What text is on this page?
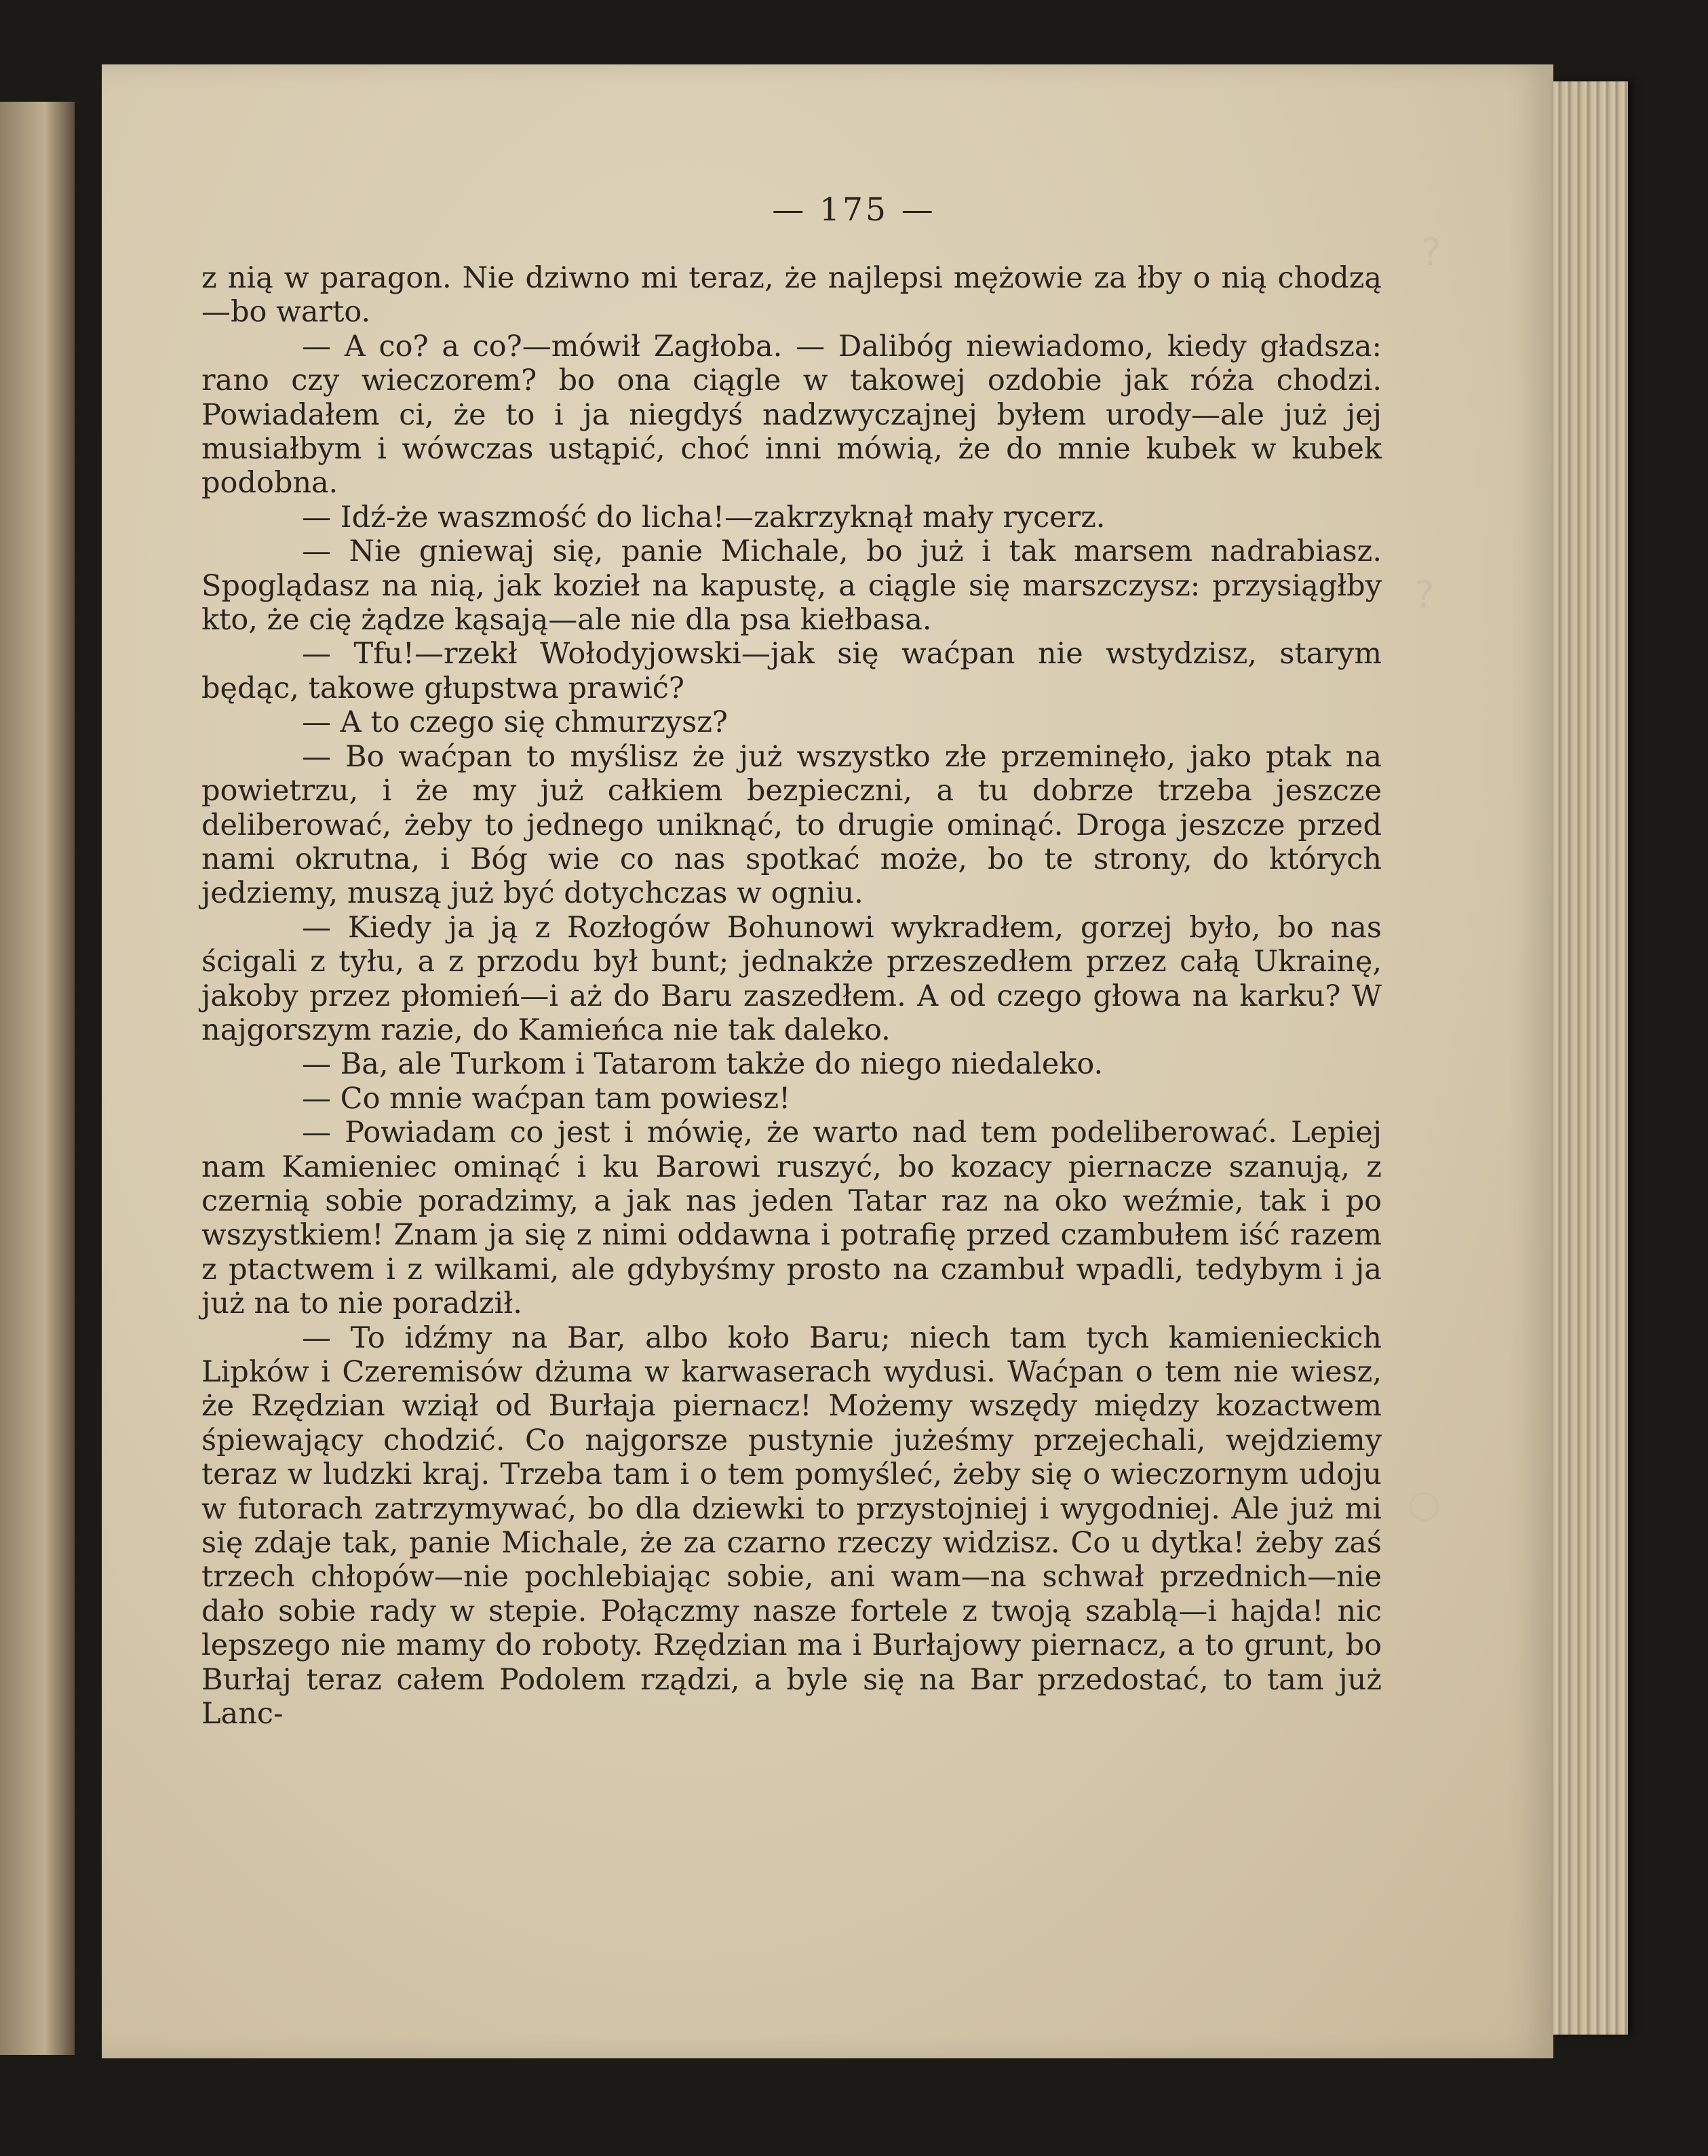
?
?
○
— 175 —

z nią w paragon. Nie dziwno mi teraz, że najlepsi mężowie za łby o nią chodzą—bo warto.

— A co? a co?—mówił Zagłoba. — Dalibóg niewiadomo, kiedy gładsza: rano czy wieczorem? bo ona ciągle w takowej ozdobie jak róża chodzi. Powiadałem ci, że to i ja niegdyś nadzwyczajnej byłem urody—ale już jej musiałbym i wówczas ustąpić, choć inni mówią, że do mnie kubek w kubek podobna.

— Idź-że waszmość do licha!—zakrzyknął mały rycerz.

— Nie gniewaj się, panie Michale, bo już i tak marsem nadrabiasz. Spoglądasz na nią, jak kozieł na kapustę, a ciągle się marszczysz: przysiągłby kto, że cię żądze kąsają—ale nie dla psa kiełbasa.

— Tfu!—rzekł Wołodyjowski—jak się waćpan nie wstydzisz, starym będąc, takowe głupstwa prawić?

— A to czego się chmurzysz?

— Bo waćpan to myślisz że już wszystko złe przeminęło, jako ptak na powietrzu, i że my już całkiem bezpieczni, a tu dobrze trzeba jeszcze deliberować, żeby to jednego uniknąć, to drugie ominąć. Droga jeszcze przed nami okrutna, i Bóg wie co nas spotkać może, bo te strony, do których jedziemy, muszą już być dotychczas w ogniu.

— Kiedy ja ją z Rozłogów Bohunowi wykradłem, gorzej było, bo nas ścigali z tyłu, a z przodu był bunt; jednakże przeszedłem przez całą Ukrainę, jakoby przez płomień—i aż do Baru zaszedłem. A od czego głowa na karku? W najgorszym razie, do Kamieńca nie tak daleko.

— Ba, ale Turkom i Tatarom także do niego niedaleko.

— Co mnie waćpan tam powiesz!

— Powiadam co jest i mówię, że warto nad tem podeliberować. Lepiej nam Kamieniec ominąć i ku Barowi ruszyć, bo kozacy piernacze szanują, z czernią sobie poradzimy, a jak nas jeden Tatar raz na oko weźmie, tak i po wszystkiem! Znam ja się z nimi oddawna i potrafię przed czambułem iść razem z ptactwem i z wilkami, ale gdybyśmy prosto na czambuł wpadli, tedybym i ja już na to nie poradził.

— To idźmy na Bar, albo koło Baru; niech tam tych kamienieckich Lipków i Czeremisów dżuma w karwaserach wydusi. Waćpan o tem nie wiesz, że Rzędzian wziął od Burłaja piernacz! Możemy wszędy między kozactwem śpiewający chodzić. Co najgorsze pustynie jużeśmy przejechali, wejdziemy teraz w ludzki kraj. Trzeba tam i o tem pomyśleć, żeby się o wieczornym udoju w futorach zatrzymywać, bo dla dziewki to przystojniej i wygodniej. Ale już mi się zdaje tak, panie Michale, że za czarno rzeczy widzisz. Co u dytka! żeby zaś trzech chłopów—nie pochlebiając sobie, ani wam—na schwał przednich—nie dało sobie rady w stepie. Połączmy nasze fortele z twoją szablą—i hajda! nic lepszego nie mamy do roboty. Rzędzian ma i Burłajowy piernacz, a to grunt, bo Burłaj teraz całem Podolem rządzi, a byle się na Bar przedostać, to tam już Lanc-
